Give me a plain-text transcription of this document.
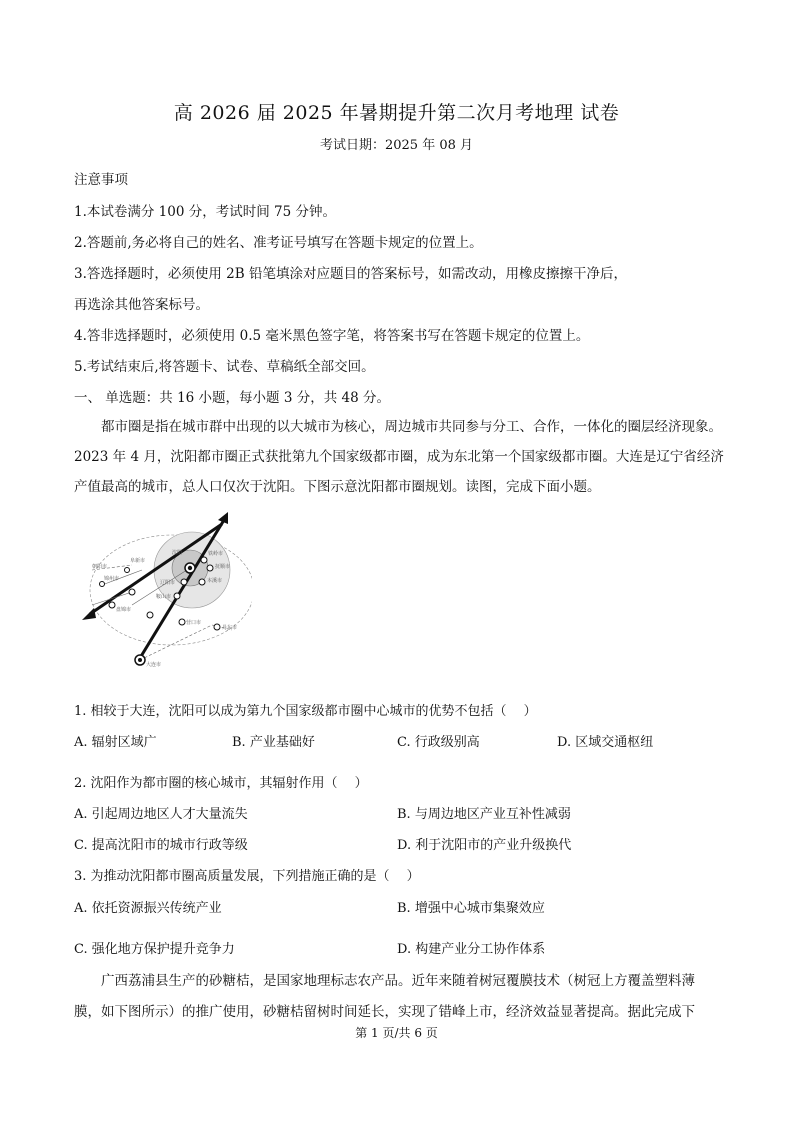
高 2026 届 2025 年暑期提升第二次月考地理 试卷
考试日期：2025 年 08 月
注意事项
1.本试卷满分 100 分，考试时间 75 分钟。
2.答题前,务必将自己的姓名、准考证号填写在答题卡规定的位置上。
3.答选择题时，必须使用 2B 铅笔填涂对应题目的答案标号，如需改动，用橡皮擦擦干净后，
再选涂其他答案标号。
4.答非选择题时，必须使用 0.5 毫米黑色签字笔，将答案书写在答题卡规定的位置上。
5.考试结束后,将答题卡、试卷、草稿纸全部交回。
一、 单选题：共 16 小题，每小题 3 分，共 48 分。
都市圈是指在城市群中出现的以大城市为核心，周边城市共同参与分工、合作，一体化的圈层经济现象。2023 年 4 月，沈阳都市圈正式获批第九个国家级都市圈，成为东北第一个国家级都市圈。大连是辽宁省经济产值最高的城市，总人口仅次于沈阳。下图示意沈阳都市圈规划。读图，完成下面小题。
沈阳	铁岭市
抚顺市
本溪市
辽阳市
鞍山市
营口市
丹东市
大连市
阜新市
锦州市
盘锦市
朝阳市
1. 相较于大连，沈阳可以成为第九个国家级都市圈中心城市的优势不包括（　 ）
A. 辐射区域广	B. 产业基础好	C. 行政级别高	D. 区域交通枢纽
2. 沈阳作为都市圈的核心城市，其辐射作用（　 ）
A. 引起周边地区人才大量流失	B. 与周边地区产业互补性减弱
C. 提高沈阳市的城市行政等级	D. 利于沈阳市的产业升级换代
3. 为推动沈阳都市圈高质量发展，下列措施正确的是（　 ）
A. 依托资源振兴传统产业	B. 增强中心城市集聚效应
C. 强化地方保护提升竞争力	D. 构建产业分工协作体系
广西荔浦县生产的砂糖桔，是国家地理标志农产品。近年来随着树冠覆膜技术（树冠上方覆盖塑料薄
膜，如下图所示）的推广使用，砂糖桔留树时间延长，实现了错峰上市，经济效益显著提高。据此完成下
第 1 页/共 6 页
